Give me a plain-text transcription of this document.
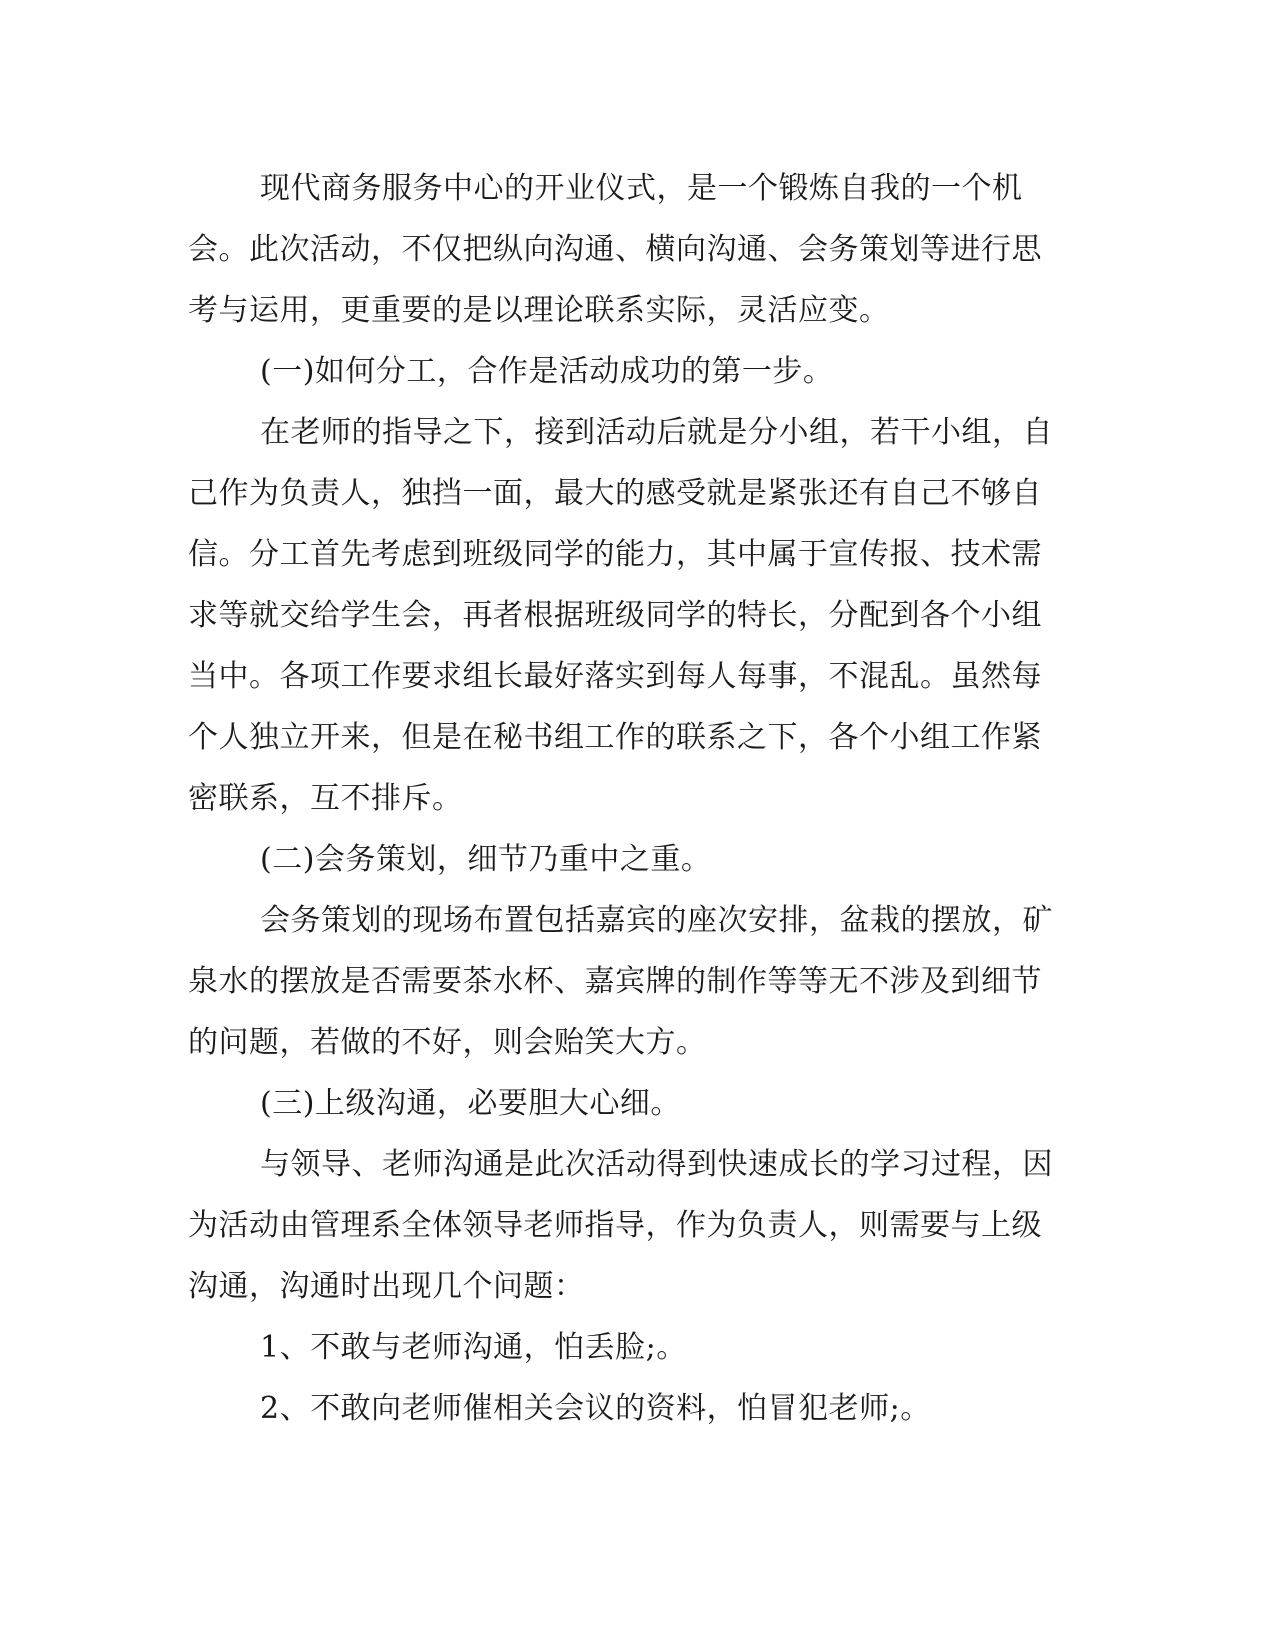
现代商务服务中心的开业仪式，是一个锻炼自我的一个机会。此次活动，不仅把纵向沟通、横向沟通、会务策划等进行思考与运用，更重要的是以理论联系实际，灵活应变。

(一)如何分工，合作是活动成功的第一步。

在老师的指导之下，接到活动后就是分小组，若干小组，自己作为负责人，独挡一面，最大的感受就是紧张还有自己不够自信。分工首先考虑到班级同学的能力，其中属于宣传报、技术需求等就交给学生会，再者根据班级同学的特长，分配到各个小组当中。各项工作要求组长最好落实到每人每事，不混乱。虽然每个人独立开来，但是在秘书组工作的联系之下，各个小组工作紧密联系，互不排斥。

(二)会务策划，细节乃重中之重。

会务策划的现场布置包括嘉宾的座次安排，盆栽的摆放，矿泉水的摆放是否需要茶水杯、嘉宾牌的制作等等无不涉及到细节的问题，若做的不好，则会贻笑大方。

(三)上级沟通，必要胆大心细。

与领导、老师沟通是此次活动得到快速成长的学习过程，因为活动由管理系全体领导老师指导，作为负责人，则需要与上级沟通，沟通时出现几个问题：

1、不敢与老师沟通，怕丢脸;。

2、不敢向老师催相关会议的资料，怕冒犯老师;。
